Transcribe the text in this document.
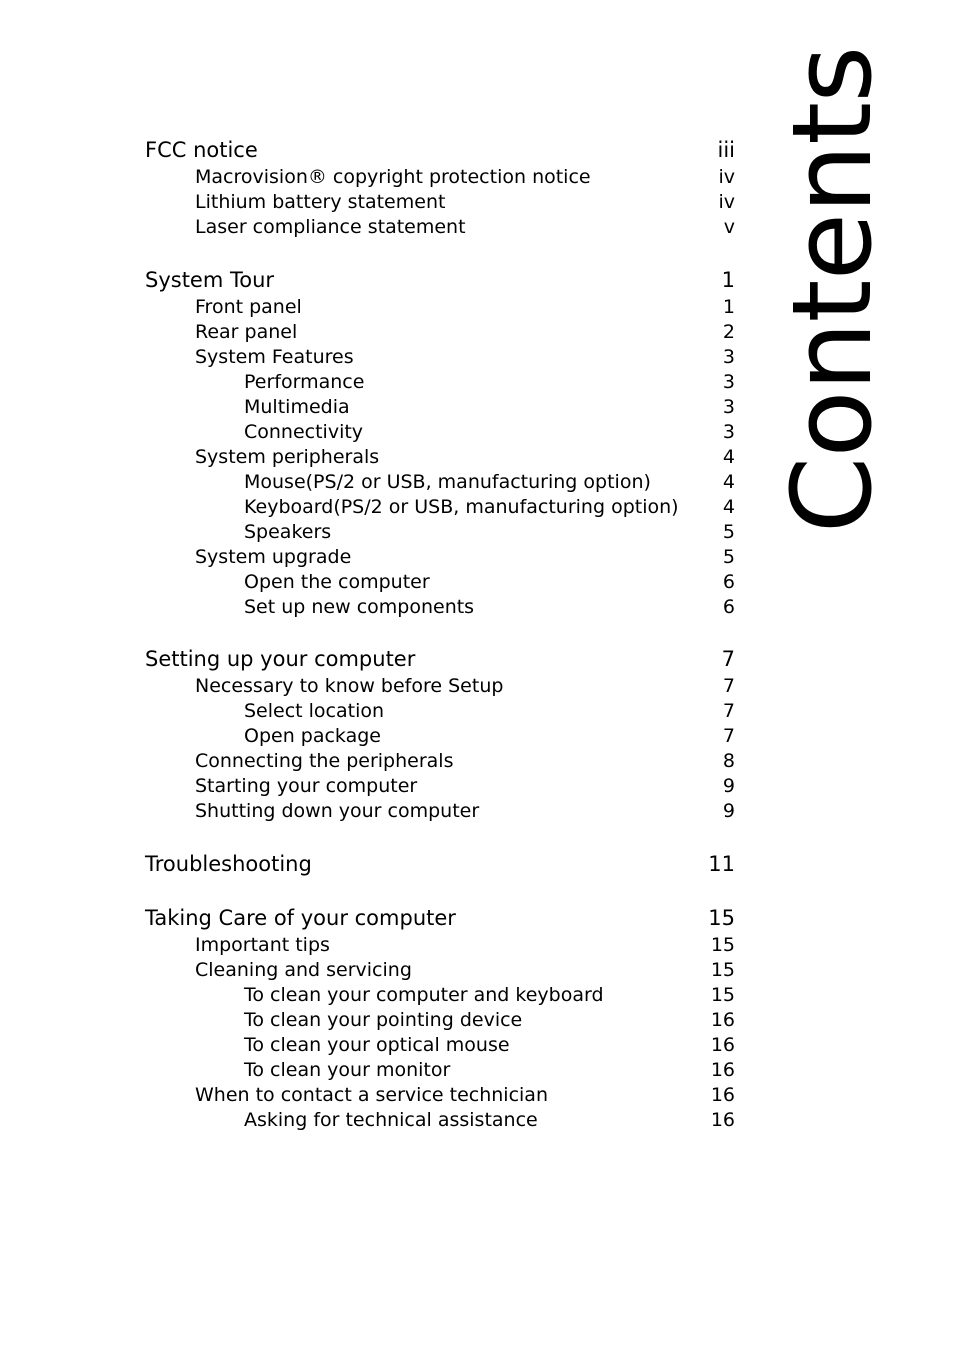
Contents
FCC notice	iii
Macrovision® copyright protection notice	iv
Lithium battery statement	iv
Laser compliance statement	v
System Tour	1
Front panel	1
Rear panel	2
System Features	3
Performance	3
Multimedia	3
Connectivity	3
System peripherals	4
Mouse(PS/2 or USB, manufacturing option)	4
Keyboard(PS/2 or USB, manufacturing option) 4
Speakers	5
System upgrade	5
Open the computer	6
Set up new components	6
Setting up your computer	7
Necessary to know before Setup	7
Select location	7
Open package	7
Connecting the peripherals	8
Starting your computer	9
Shutting down your computer	9
Troubleshooting	11
Taking Care of your computer	15
Important tips	15
Cleaning and servicing	15
To clean your computer and keyboard	15
To clean your pointing device	16
To clean your optical mouse	16
To clean your monitor	16
When to contact a service technician	16
Asking for technical assistance	16
